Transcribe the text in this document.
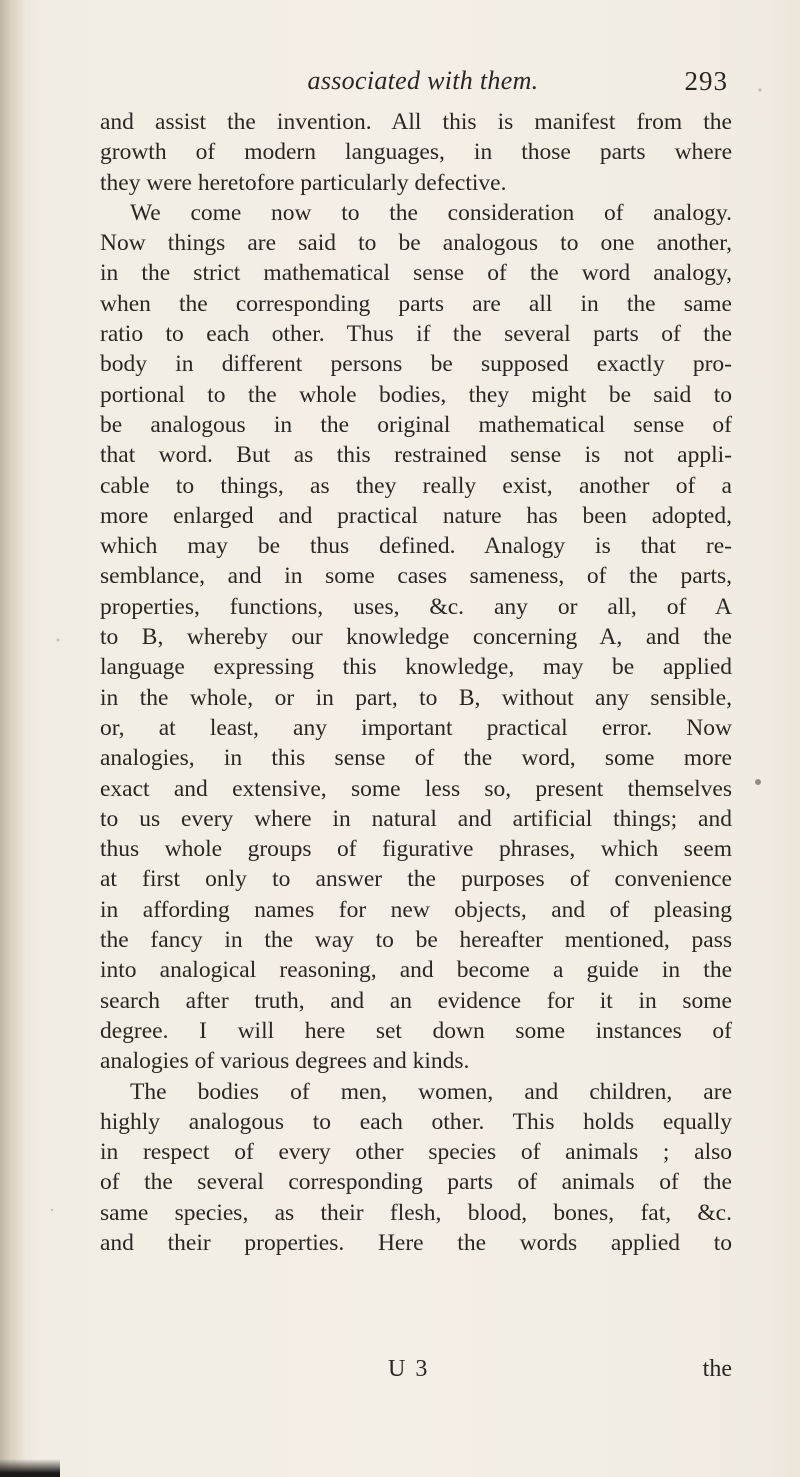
associated with them.	293
and assist the invention. All this is manifest from the
growth of modern languages, in those parts where
they were heretofore particularly defective.
We come now to the consideration of analogy.
Now things are said to be analogous to one another,
in the strict mathematical sense of the word analogy,
when the corresponding parts are all in the same
ratio to each other. Thus if the several parts of the
body in different persons be supposed exactly pro-
portional to the whole bodies, they might be said to
be analogous in the original mathematical sense of
that word. But as this restrained sense is not appli-
cable to things, as they really exist, another of a
more enlarged and practical nature has been adopted,
which may be thus defined. Analogy is that re-
semblance, and in some cases sameness, of the parts,
properties, functions, uses, &c. any or all, of A
to B, whereby our knowledge concerning A, and the
language expressing this knowledge, may be applied
in the whole, or in part, to B, without any sensible,
or, at least, any important practical error. Now
analogies, in this sense of the word, some more
exact and extensive, some less so, present themselves
to us every where in natural and artificial things; and
thus whole groups of figurative phrases, which seem
at first only to answer the purposes of convenience
in affording names for new objects, and of pleasing
the fancy in the way to be hereafter mentioned, pass
into analogical reasoning, and become a guide in the
search after truth, and an evidence for it in some
degree. I will here set down some instances of
analogies of various degrees and kinds.
The bodies of men, women, and children, are
highly analogous to each other. This holds equally
in respect of every other species of animals ; also
of the several corresponding parts of animals of the
same species, as their flesh, blood, bones, fat, &c.
and their properties. Here the words applied to
U 3	the
